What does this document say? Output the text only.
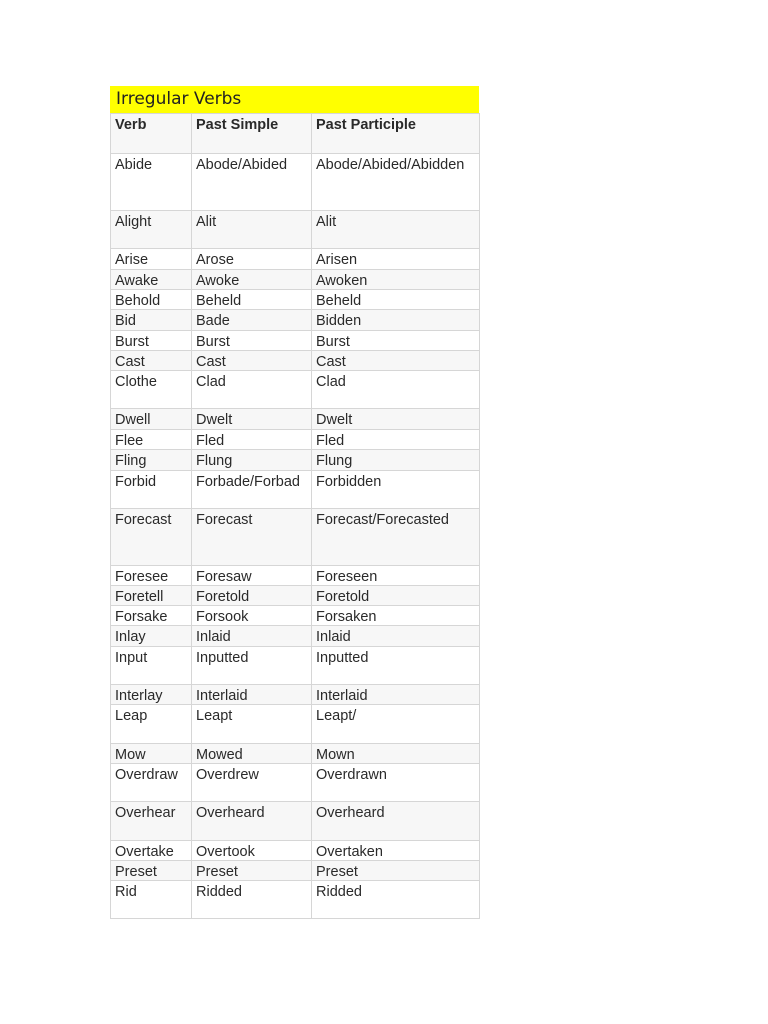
Irregular Verbs
Verb	Past Simple	Past Participle
Abide	Abode/Abided	Abode/Abided/Abidden
Alight	Alit	Alit
Arise	Arose	Arisen
Awake	Awoke	Awoken
Behold	Beheld	Beheld
Bid	Bade	Bidden
Burst	Burst	Burst
Cast	Cast	Cast
Clothe	Clad	Clad
Dwell	Dwelt	Dwelt
Flee	Fled	Fled
Fling	Flung	Flung
Forbid	Forbade/Forbad	Forbidden
Forecast	Forecast	Forecast/Forecasted
Foresee	Foresaw	Foreseen
Foretell	Foretold	Foretold
Forsake	Forsook	Forsaken
Inlay	Inlaid	Inlaid
Input	Inputted	Inputted
Interlay	Interlaid	Interlaid
Leap	Leapt	Leapt/
Mow	Mowed	Mown
Overdraw	Overdrew	Overdrawn
Overhear	Overheard	Overheard
Overtake	Overtook	Overtaken
Preset	Preset	Preset
Rid	Ridded	Ridded
